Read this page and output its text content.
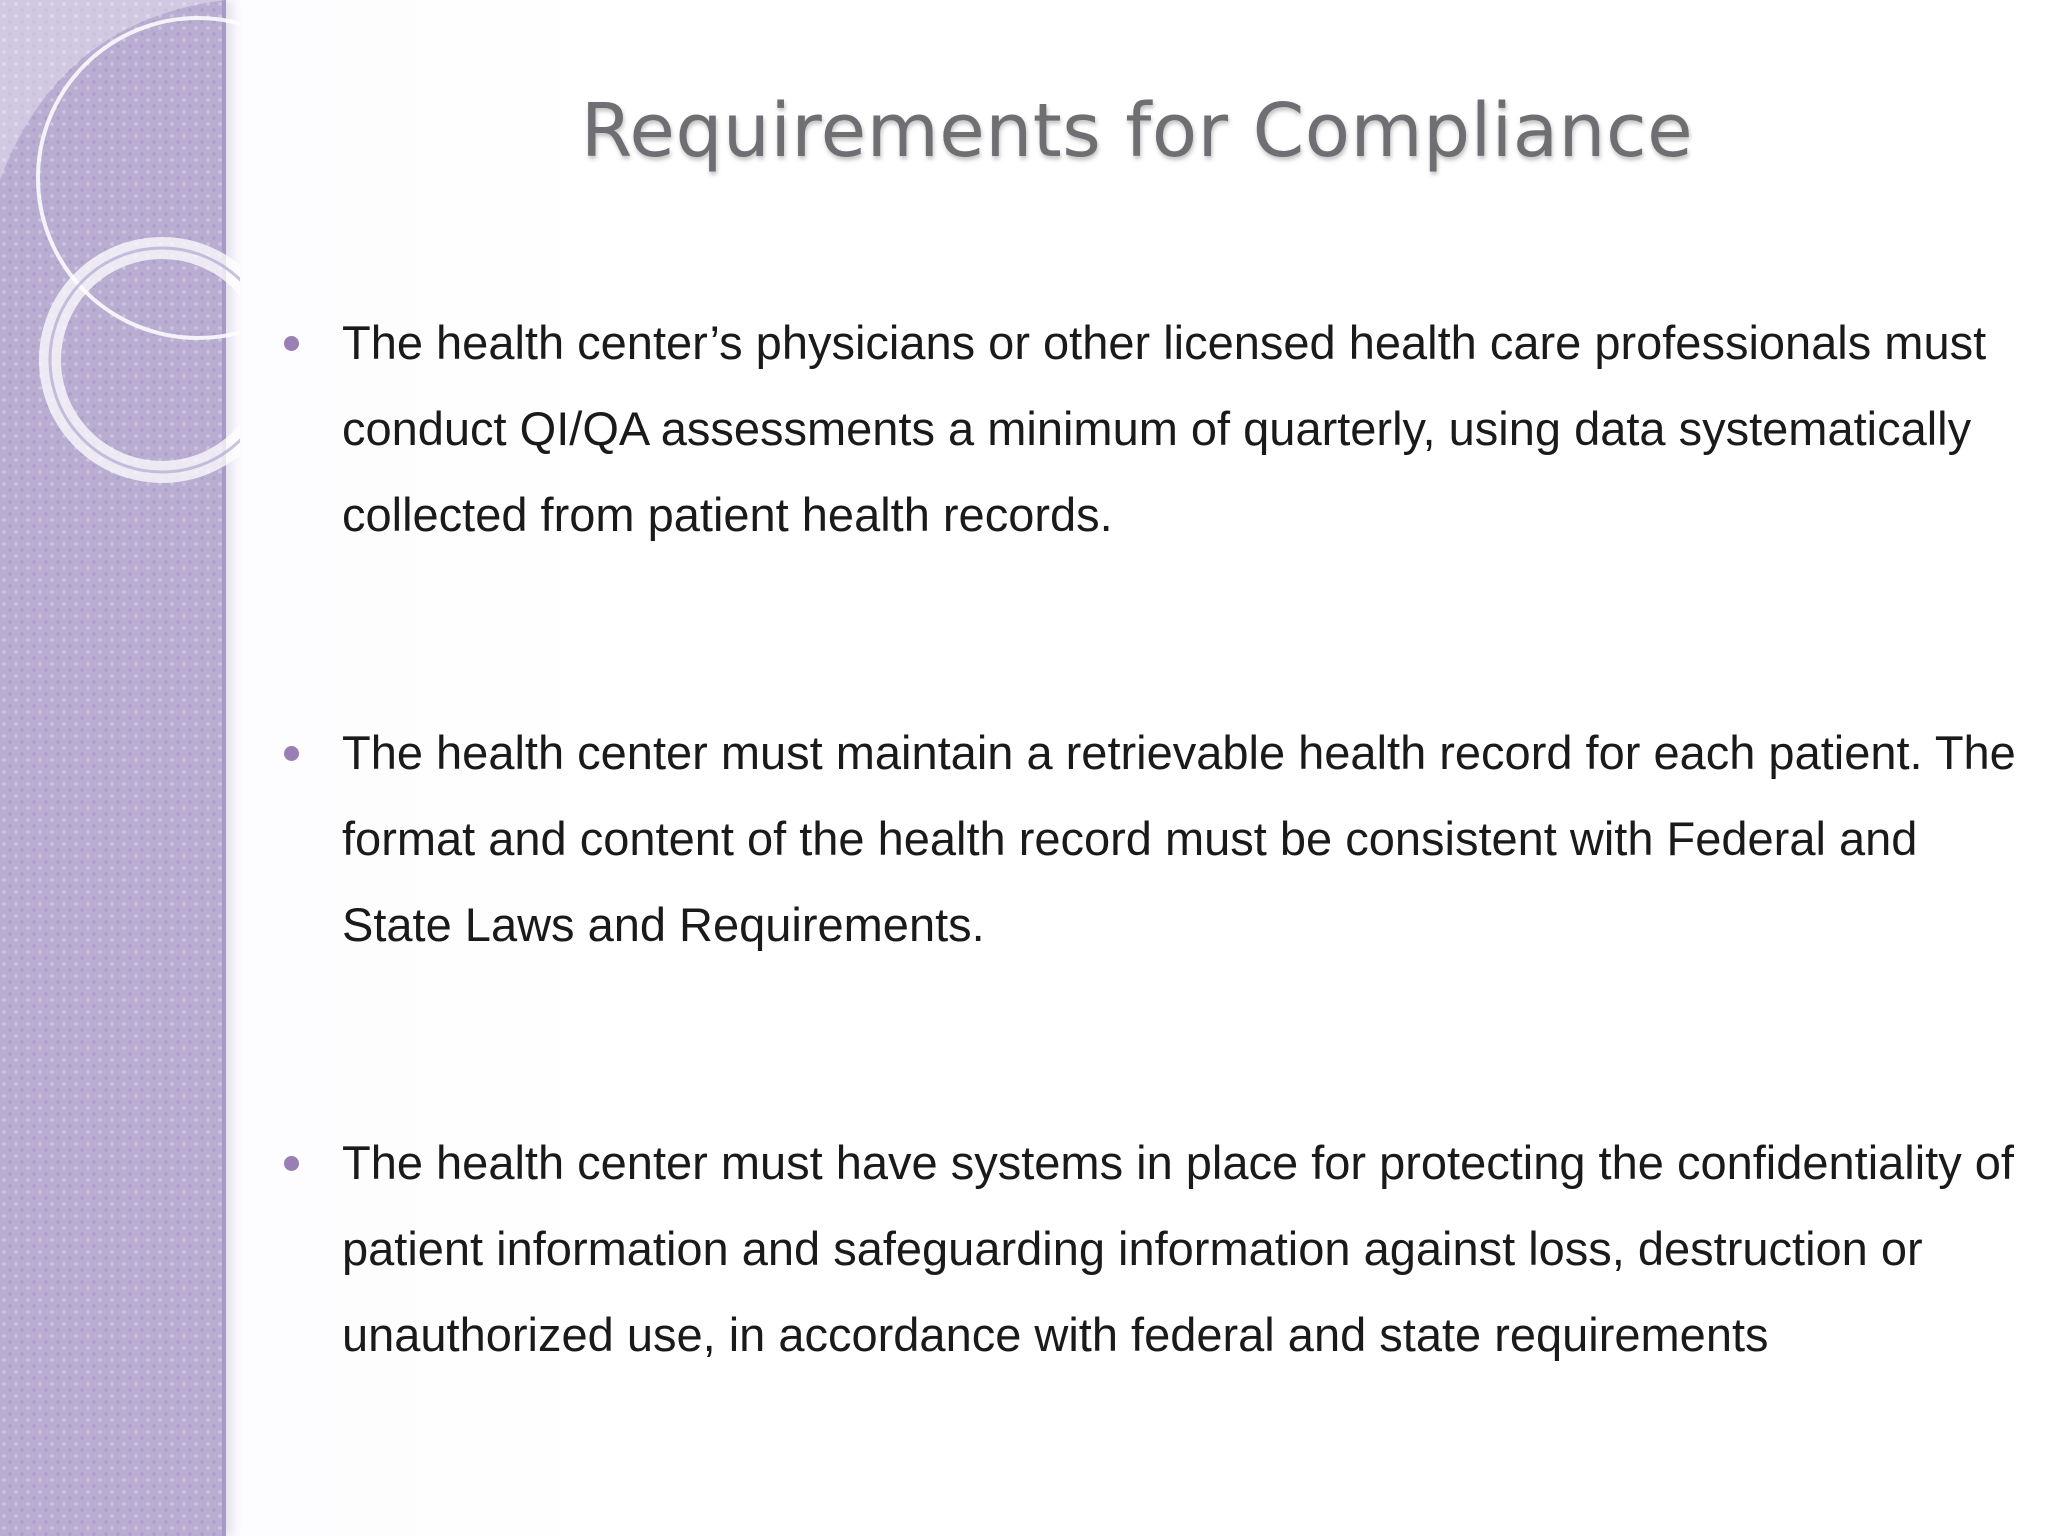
Requirements for Compliance
The health center’s physicians or other licensed health care professionals must conduct QI/QA assessments a minimum of quarterly, using data systematically collected from patient health records.
The health center must maintain a retrievable health record for each patient. The format and content of the health record must be consistent with Federal and State Laws and Requirements.
The health center must have systems in place for protecting the confidentiality of patient information and safeguarding information against loss, destruction or unauthorized use, in accordance with federal and state requirements
